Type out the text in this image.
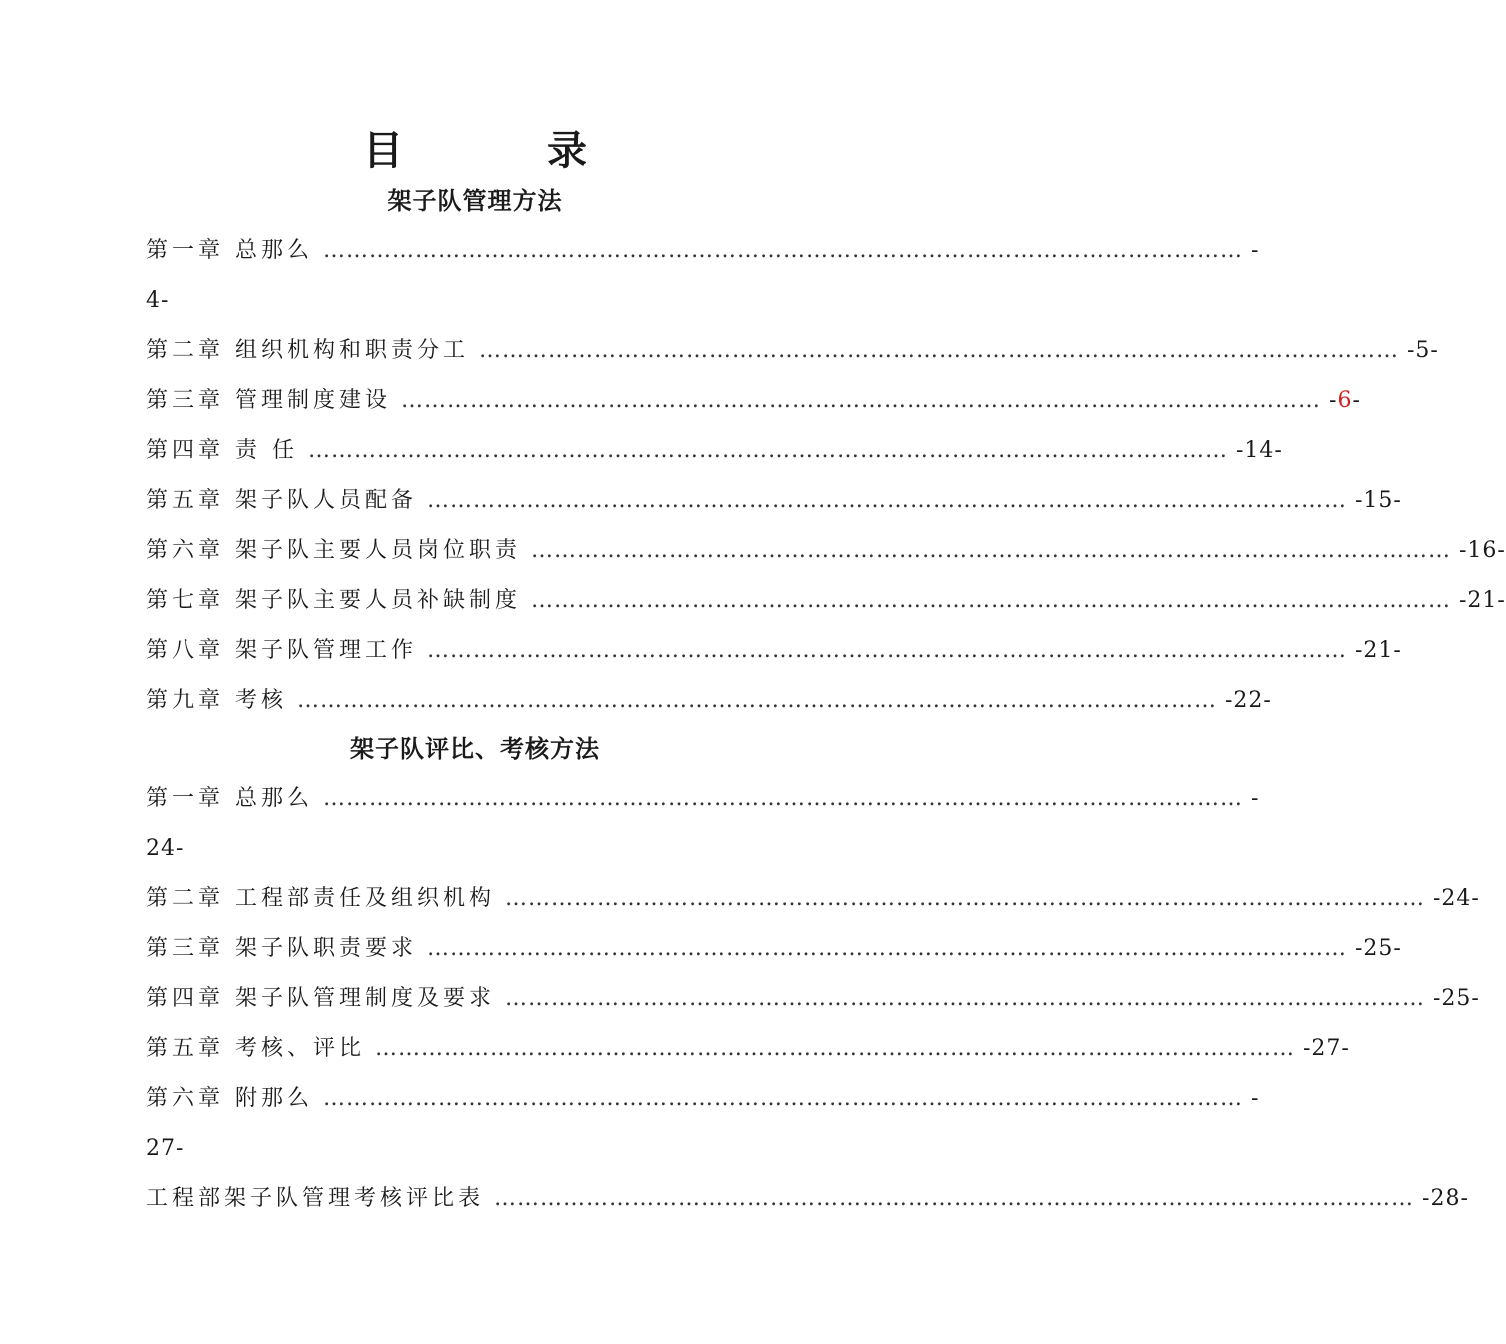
目　录
架子队管理方法
第一章 总那么 ………………………………………………………………………………………………………… -
4-
第二章 组织机构和职责分工 ………………………………………………………………………………………………………… -5-
第三章 管理制度建设 ………………………………………………………………………………………………………… -6-
第四章 责 任 ………………………………………………………………………………………………………… -14-
第五章 架子队人员配备 ………………………………………………………………………………………………………… -15-
第六章 架子队主要人员岗位职责 ………………………………………………………………………………………………………… -16-
第七章 架子队主要人员补缺制度 ………………………………………………………………………………………………………… -21-
第八章 架子队管理工作 ………………………………………………………………………………………………………… -21-
第九章 考核 ………………………………………………………………………………………………………… -22-
架子队评比、考核方法
第一章 总那么 ………………………………………………………………………………………………………… -
24-
第二章 工程部责任及组织机构 ………………………………………………………………………………………………………… -24-
第三章 架子队职责要求 ………………………………………………………………………………………………………… -25-
第四章 架子队管理制度及要求 ………………………………………………………………………………………………………… -25-
第五章 考核、评比 ………………………………………………………………………………………………………… -27-
第六章 附那么 ………………………………………………………………………………………………………… -
27-
工程部架子队管理考核评比表 ………………………………………………………………………………………………………… -28-
